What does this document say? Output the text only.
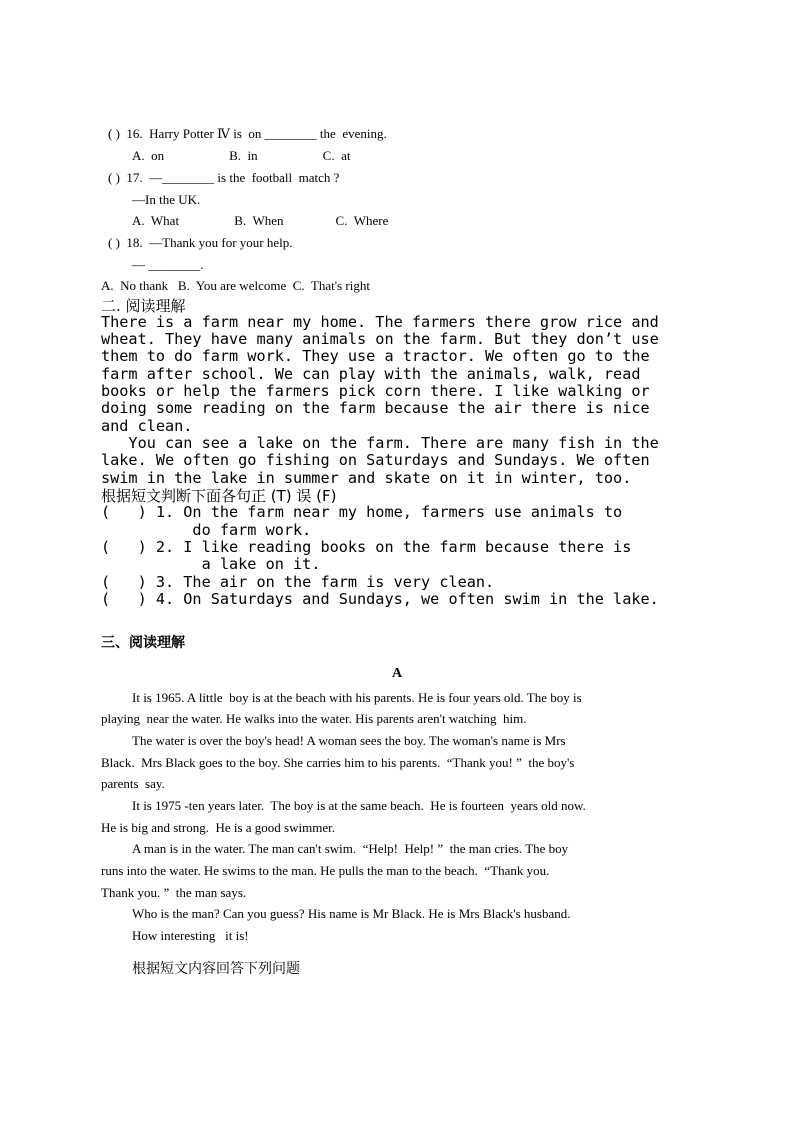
( )  16.  Harry Potter Ⅳ is  on ________ the  evening.
A.  on                    B.  in                    C.  at
( )  17.  —________ is the  football  match ?
—In the UK.
A.  What                 B.  When                C.  Where
( )  18.  —Thank you for your help.
— ________.
A.  No thank   B.  You are welcome  C.  That's right
二. 阅读理解
There is a farm near my home. The farmers there grow rice and
wheat. They have many animals on the farm. But they don’t use
them to do farm work. They use a tractor. We often go to the
farm after school. We can play with the animals, walk, read
books or help the farmers pick corn there. I like walking or
doing some reading on the farm because the air there is nice
and clean.
You can see a lake on the farm. There are many fish in the
lake. We often go fishing on Saturdays and Sundays. We often
swim in the lake in summer and skate on it in winter, too.
根据短文判断下面各句正 (T) 误 (F)
(   ) 1. On the farm near my home, farmers use animals to
do farm work.
(   ) 2. I like reading books on the farm because there is
a lake on it.
(   ) 3. The air on the farm is very clean.
(   ) 4. On Saturdays and Sundays, we often swim in the lake.
三、阅读理解
A
It is 1965. A little  boy is at the beach with his parents. He is four years old. The boy is
playing  near the water. He walks into the water. His parents aren't watching  him.
The water is over the boy's head! A woman sees the boy. The woman's name is Mrs
Black.  Mrs Black goes to the boy. She carries him to his parents.  “Thank you! ”  the boy's
parents  say.
It is 1975 -ten years later.  The boy is at the same beach.  He is fourteen  years old now.
He is big and strong.  He is a good swimmer.
A man is in the water. The man can't swim.  “Help!  Help! ”  the man cries. The boy
runs into the water. He swims to the man. He pulls the man to the beach.  “Thank you.
Thank you. ”  the man says.
Who is the man? Can you guess? His name is Mr Black. He is Mrs Black's husband.
How interesting   it is!
根据短文内容回答下列问题
